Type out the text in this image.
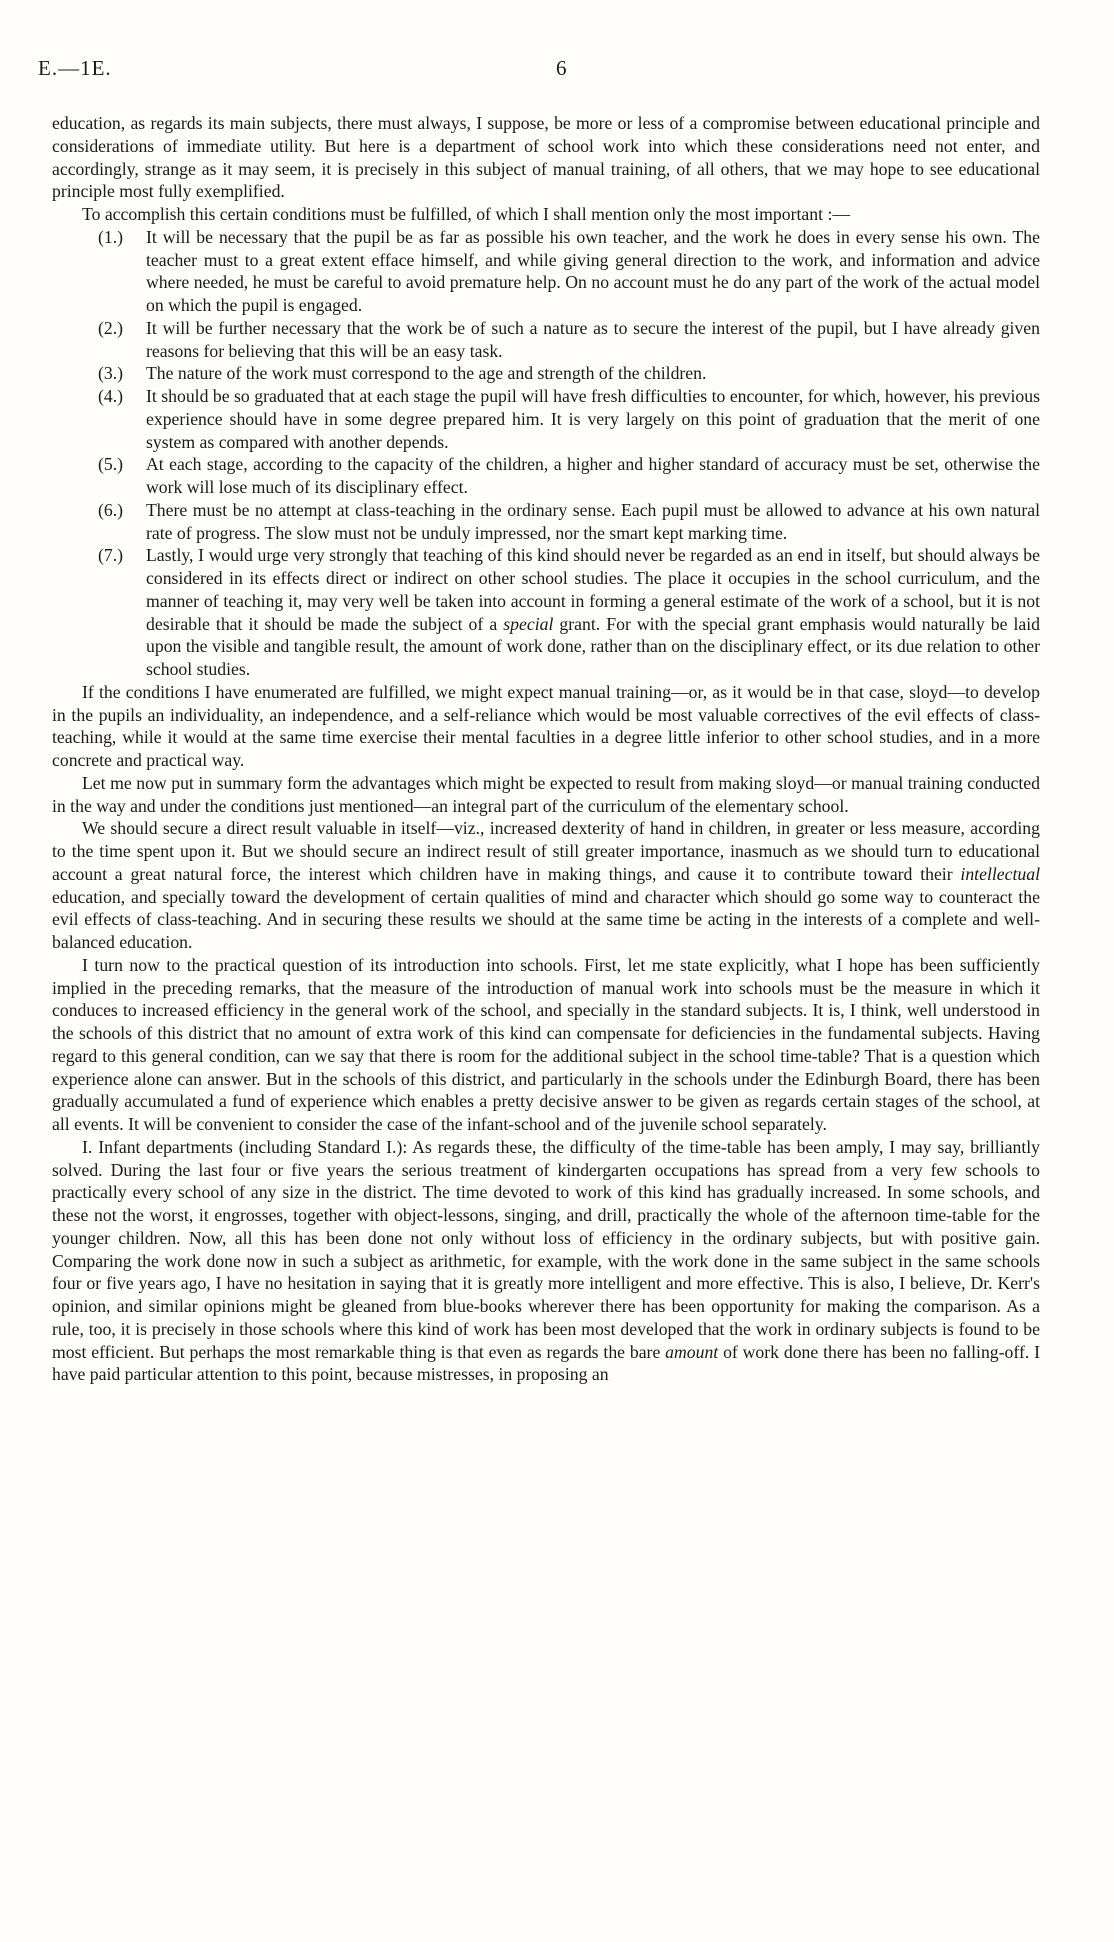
E.—1E.	6

education, as regards its main subjects, there must always, I suppose, be more or less of a compromise between educational principle and considerations of immediate utility. But here is a department of school work into which these considerations need not enter, and accordingly, strange as it may seem, it is precisely in this subject of manual training, of all others, that we may hope to see educational principle most fully exemplified.

To accomplish this certain conditions must be fulfilled, of which I shall mention only the most important :—

(1.) It will be necessary that the pupil be as far as possible his own teacher, and the work he does in every sense his own. The teacher must to a great extent efface himself, and while giving general direction to the work, and information and advice where needed, he must be careful to avoid premature help. On no account must he do any part of the work of the actual model on which the pupil is engaged.
(2.) It will be further necessary that the work be of such a nature as to secure the interest of the pupil, but I have already given reasons for believing that this will be an easy task.
(3.) The nature of the work must correspond to the age and strength of the children.
(4.) It should be so graduated that at each stage the pupil will have fresh difficulties to encounter, for which, however, his previous experience should have in some degree prepared him. It is very largely on this point of graduation that the merit of one system as compared with another depends.
(5.) At each stage, according to the capacity of the children, a higher and higher standard of accuracy must be set, otherwise the work will lose much of its disciplinary effect.
(6.) There must be no attempt at class-teaching in the ordinary sense. Each pupil must be allowed to advance at his own natural rate of progress. The slow must not be unduly impressed, nor the smart kept marking time.
(7.) Lastly, I would urge very strongly that teaching of this kind should never be regarded as an end in itself, but should always be considered in its effects direct or indirect on other school studies. The place it occupies in the school curriculum, and the manner of teaching it, may very well be taken into account in forming a general estimate of the work of a school, but it is not desirable that it should be made the subject of a special grant. For with the special grant emphasis would naturally be laid upon the visible and tangible result, the amount of work done, rather than on the disciplinary effect, or its due relation to other school studies.

If the conditions I have enumerated are fulfilled, we might expect manual training—or, as it would be in that case, sloyd—to develop in the pupils an individuality, an independence, and a self-reliance which would be most valuable correctives of the evil effects of class-teaching, while it would at the same time exercise their mental faculties in a degree little inferior to other school studies, and in a more concrete and practical way.

Let me now put in summary form the advantages which might be expected to result from making sloyd—or manual training conducted in the way and under the conditions just mentioned—an integral part of the curriculum of the elementary school.

We should secure a direct result valuable in itself—viz., increased dexterity of hand in children, in greater or less measure, according to the time spent upon it. But we should secure an indirect result of still greater importance, inasmuch as we should turn to educational account a great natural force, the interest which children have in making things, and cause it to contribute toward their intellectual education, and specially toward the development of certain qualities of mind and character which should go some way to counteract the evil effects of class-teaching. And in securing these results we should at the same time be acting in the interests of a complete and well-balanced education.

I turn now to the practical question of its introduction into schools. First, let me state explicitly, what I hope has been sufficiently implied in the preceding remarks, that the measure of the introduction of manual work into schools must be the measure in which it conduces to increased efficiency in the general work of the school, and specially in the standard subjects. It is, I think, well understood in the schools of this district that no amount of extra work of this kind can compensate for deficiencies in the fundamental subjects. Having regard to this general condition, can we say that there is room for the additional subject in the school time-table? That is a question which experience alone can answer. But in the schools of this district, and particularly in the schools under the Edinburgh Board, there has been gradually accumulated a fund of experience which enables a pretty decisive answer to be given as regards certain stages of the school, at all events. It will be convenient to consider the case of the infant-school and of the juvenile school separately.

I. Infant departments (including Standard I.): As regards these, the difficulty of the time-table has been amply, I may say, brilliantly solved. During the last four or five years the serious treatment of kindergarten occupations has spread from a very few schools to practically every school of any size in the district. The time devoted to work of this kind has gradually increased. In some schools, and these not the worst, it engrosses, together with object-lessons, singing, and drill, practically the whole of the afternoon time-table for the younger children. Now, all this has been done not only without loss of efficiency in the ordinary subjects, but with positive gain. Comparing the work done now in such a subject as arithmetic, for example, with the work done in the same subject in the same schools four or five years ago, I have no hesitation in saying that it is greatly more intelligent and more effective. This is also, I believe, Dr. Kerr's opinion, and similar opinions might be gleaned from blue-books wherever there has been opportunity for making the comparison. As a rule, too, it is precisely in those schools where this kind of work has been most developed that the work in ordinary subjects is found to be most efficient. But perhaps the most remarkable thing is that even as regards the bare amount of work done there has been no falling-off. I have paid particular attention to this point, because mistresses, in proposing an
